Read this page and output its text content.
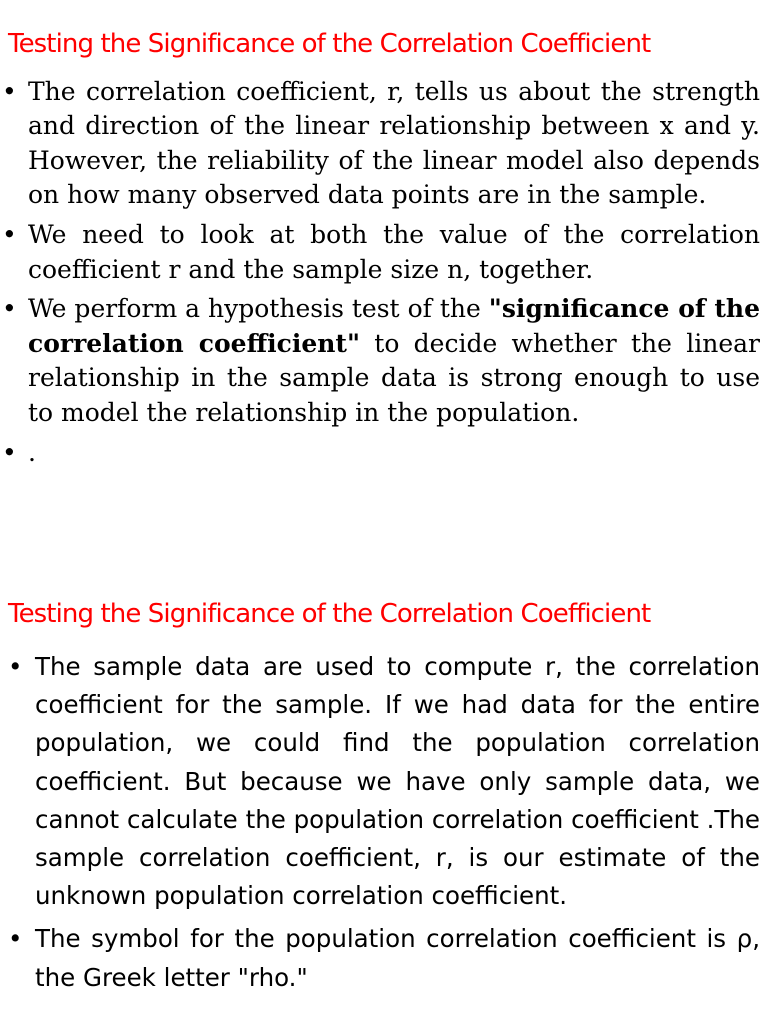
Testing the Significance of the Correlation Coefficient
• The correlation coefficient, r, tells us about the strength and direction of the linear relationship between x and y. However, the reliability of the linear model also depends on how many observed data points are in the sample.
• We need to look at both the value of the correlation coefficient r and the sample size n, together.
• We perform a hypothesis test of the "significance of the correlation coefficient" to decide whether the linear relationship in the sample data is strong enough to use to model the relationship in the population.
• .
Testing the Significance of the Correlation Coefficient
• The sample data are used to compute r, the correlation coefficient for the sample. If we had data for the entire population, we could find the population correlation coefficient. But because we have only sample data, we cannot calculate the population correlation coefficient .The sample correlation coefficient, r, is our estimate of the unknown population correlation coefficient.
• The symbol for the population correlation coefficient is ρ, the Greek letter "rho."
